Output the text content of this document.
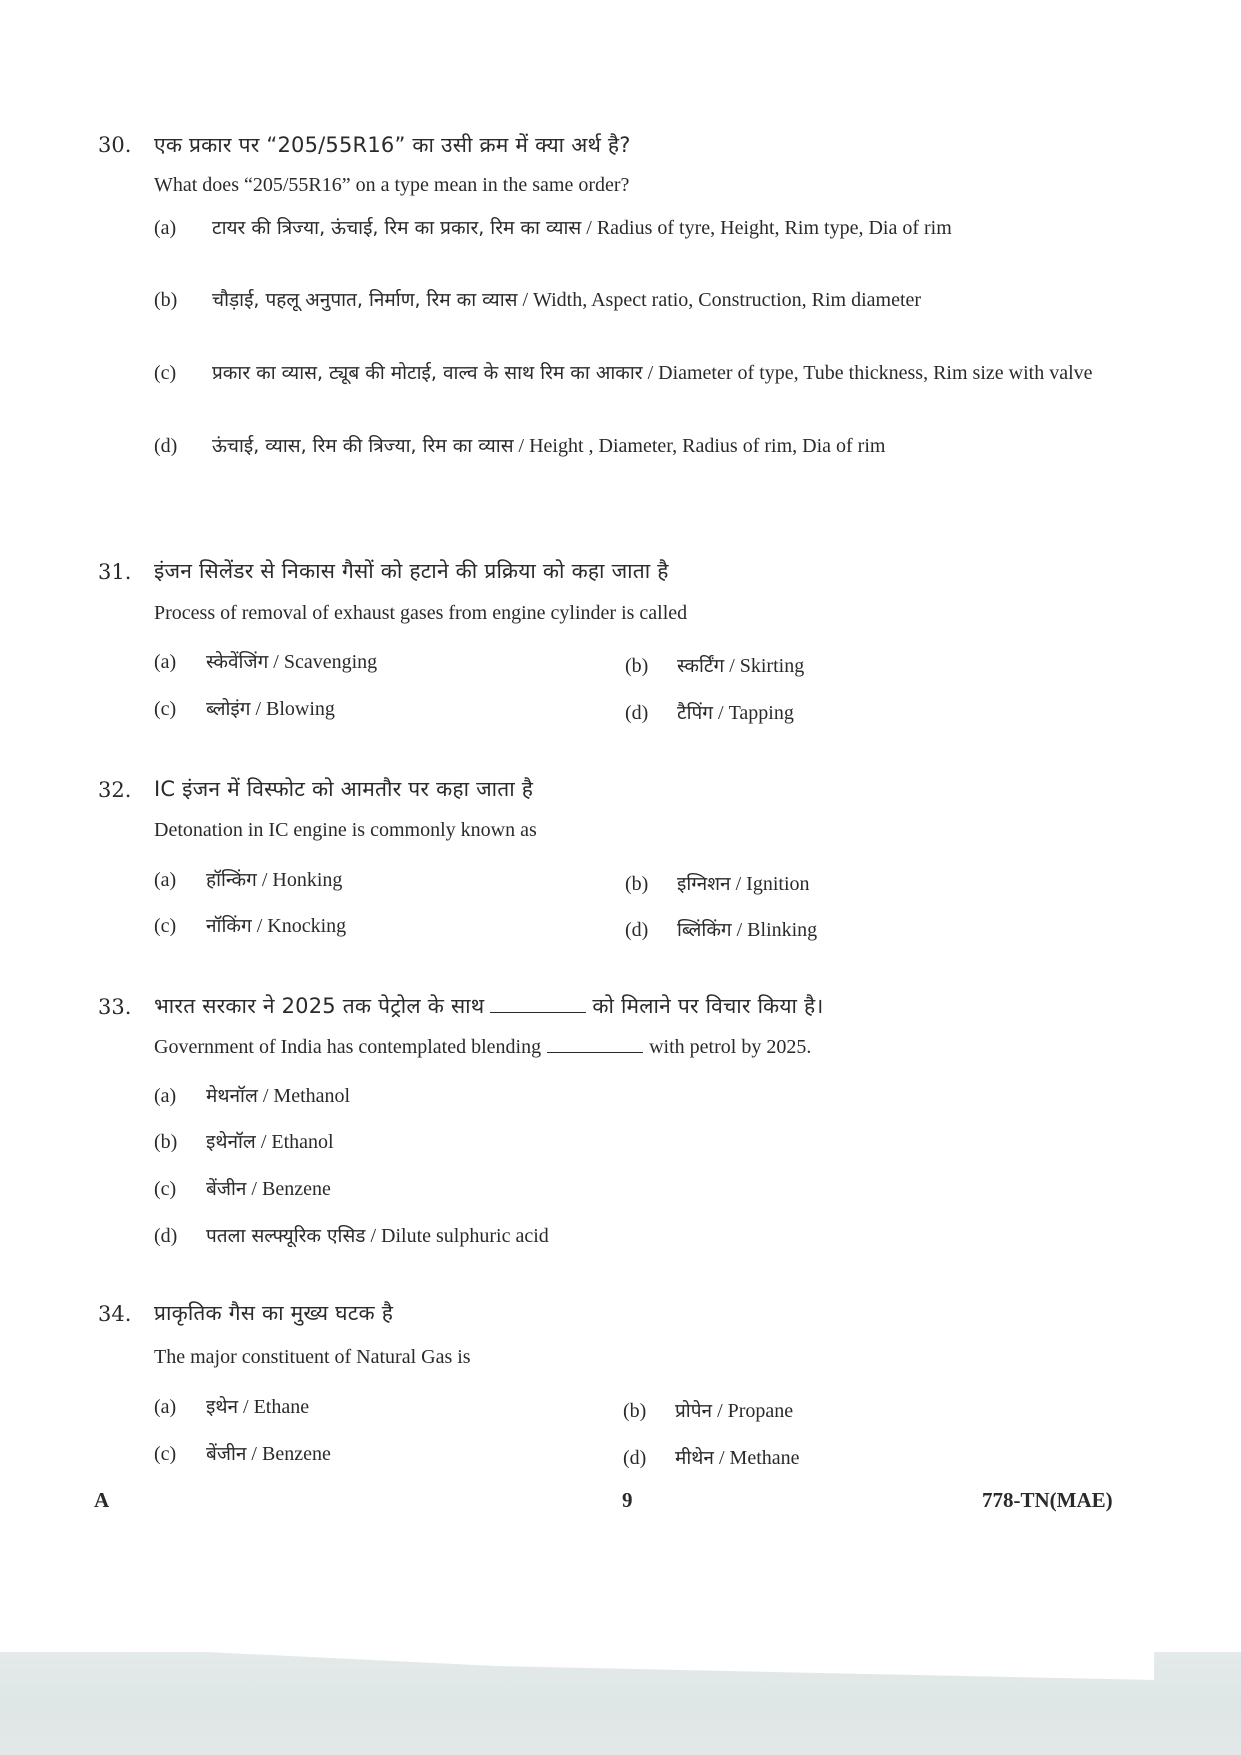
30. एक प्रकार पर “205/55R16” का उसी क्रम में क्या अर्थ है?
What does “205/55R16” on a type mean in the same order?
(a) टायर की त्रिज्या, ऊंचाई, रिम का प्रकार, रिम का व्यास / Radius of tyre, Height, Rim type, Dia of rim
(b) चौड़ाई, पहलू अनुपात, निर्माण, रिम का व्यास / Width, Aspect ratio, Construction, Rim diameter
(c) प्रकार का व्यास, ट्यूब की मोटाई, वाल्व के साथ रिम का आकार / Diameter of type, Tube thickness, Rim size with valve
(d) ऊंचाई, व्यास, रिम की त्रिज्या, रिम का व्यास / Height , Diameter, Radius of rim, Dia of rim
31. इंजन सिलेंडर से निकास गैसों को हटाने की प्रक्रिया को कहा जाता है
Process of removal of exhaust gases from engine cylinder is called
(a) स्केवेंजिंग / Scavenging	(b) स्कर्टिंग / Skirting
(c) ब्लोइंग / Blowing	(d) टैपिंग / Tapping
32. IC इंजन में विस्फोट को आमतौर पर कहा जाता है
Detonation in IC engine is commonly known as
(a) हॉन्किंग / Honking	(b) इग्निशन / Ignition
(c) नॉकिंग / Knocking	(d) ब्लिंकिंग / Blinking
33. भारत सरकार ने 2025 तक पेट्रोल के साथ	को मिलाने पर विचार किया है।
Government of India has contemplated blending	with petrol by 2025.
(a) मेथनॉल / Methanol
(b) इथेनॉल / Ethanol
(c) बेंजीन / Benzene
(d) पतला सल्फ्यूरिक एसिड / Dilute sulphuric acid
34. प्राकृतिक गैस का मुख्य घटक है
The major constituent of Natural Gas is
(a) इथेन / Ethane	(b) प्रोपेन / Propane
(c) बेंजीन / Benzene	(d) मीथेन / Methane
A	9	778-TN(MAE)
